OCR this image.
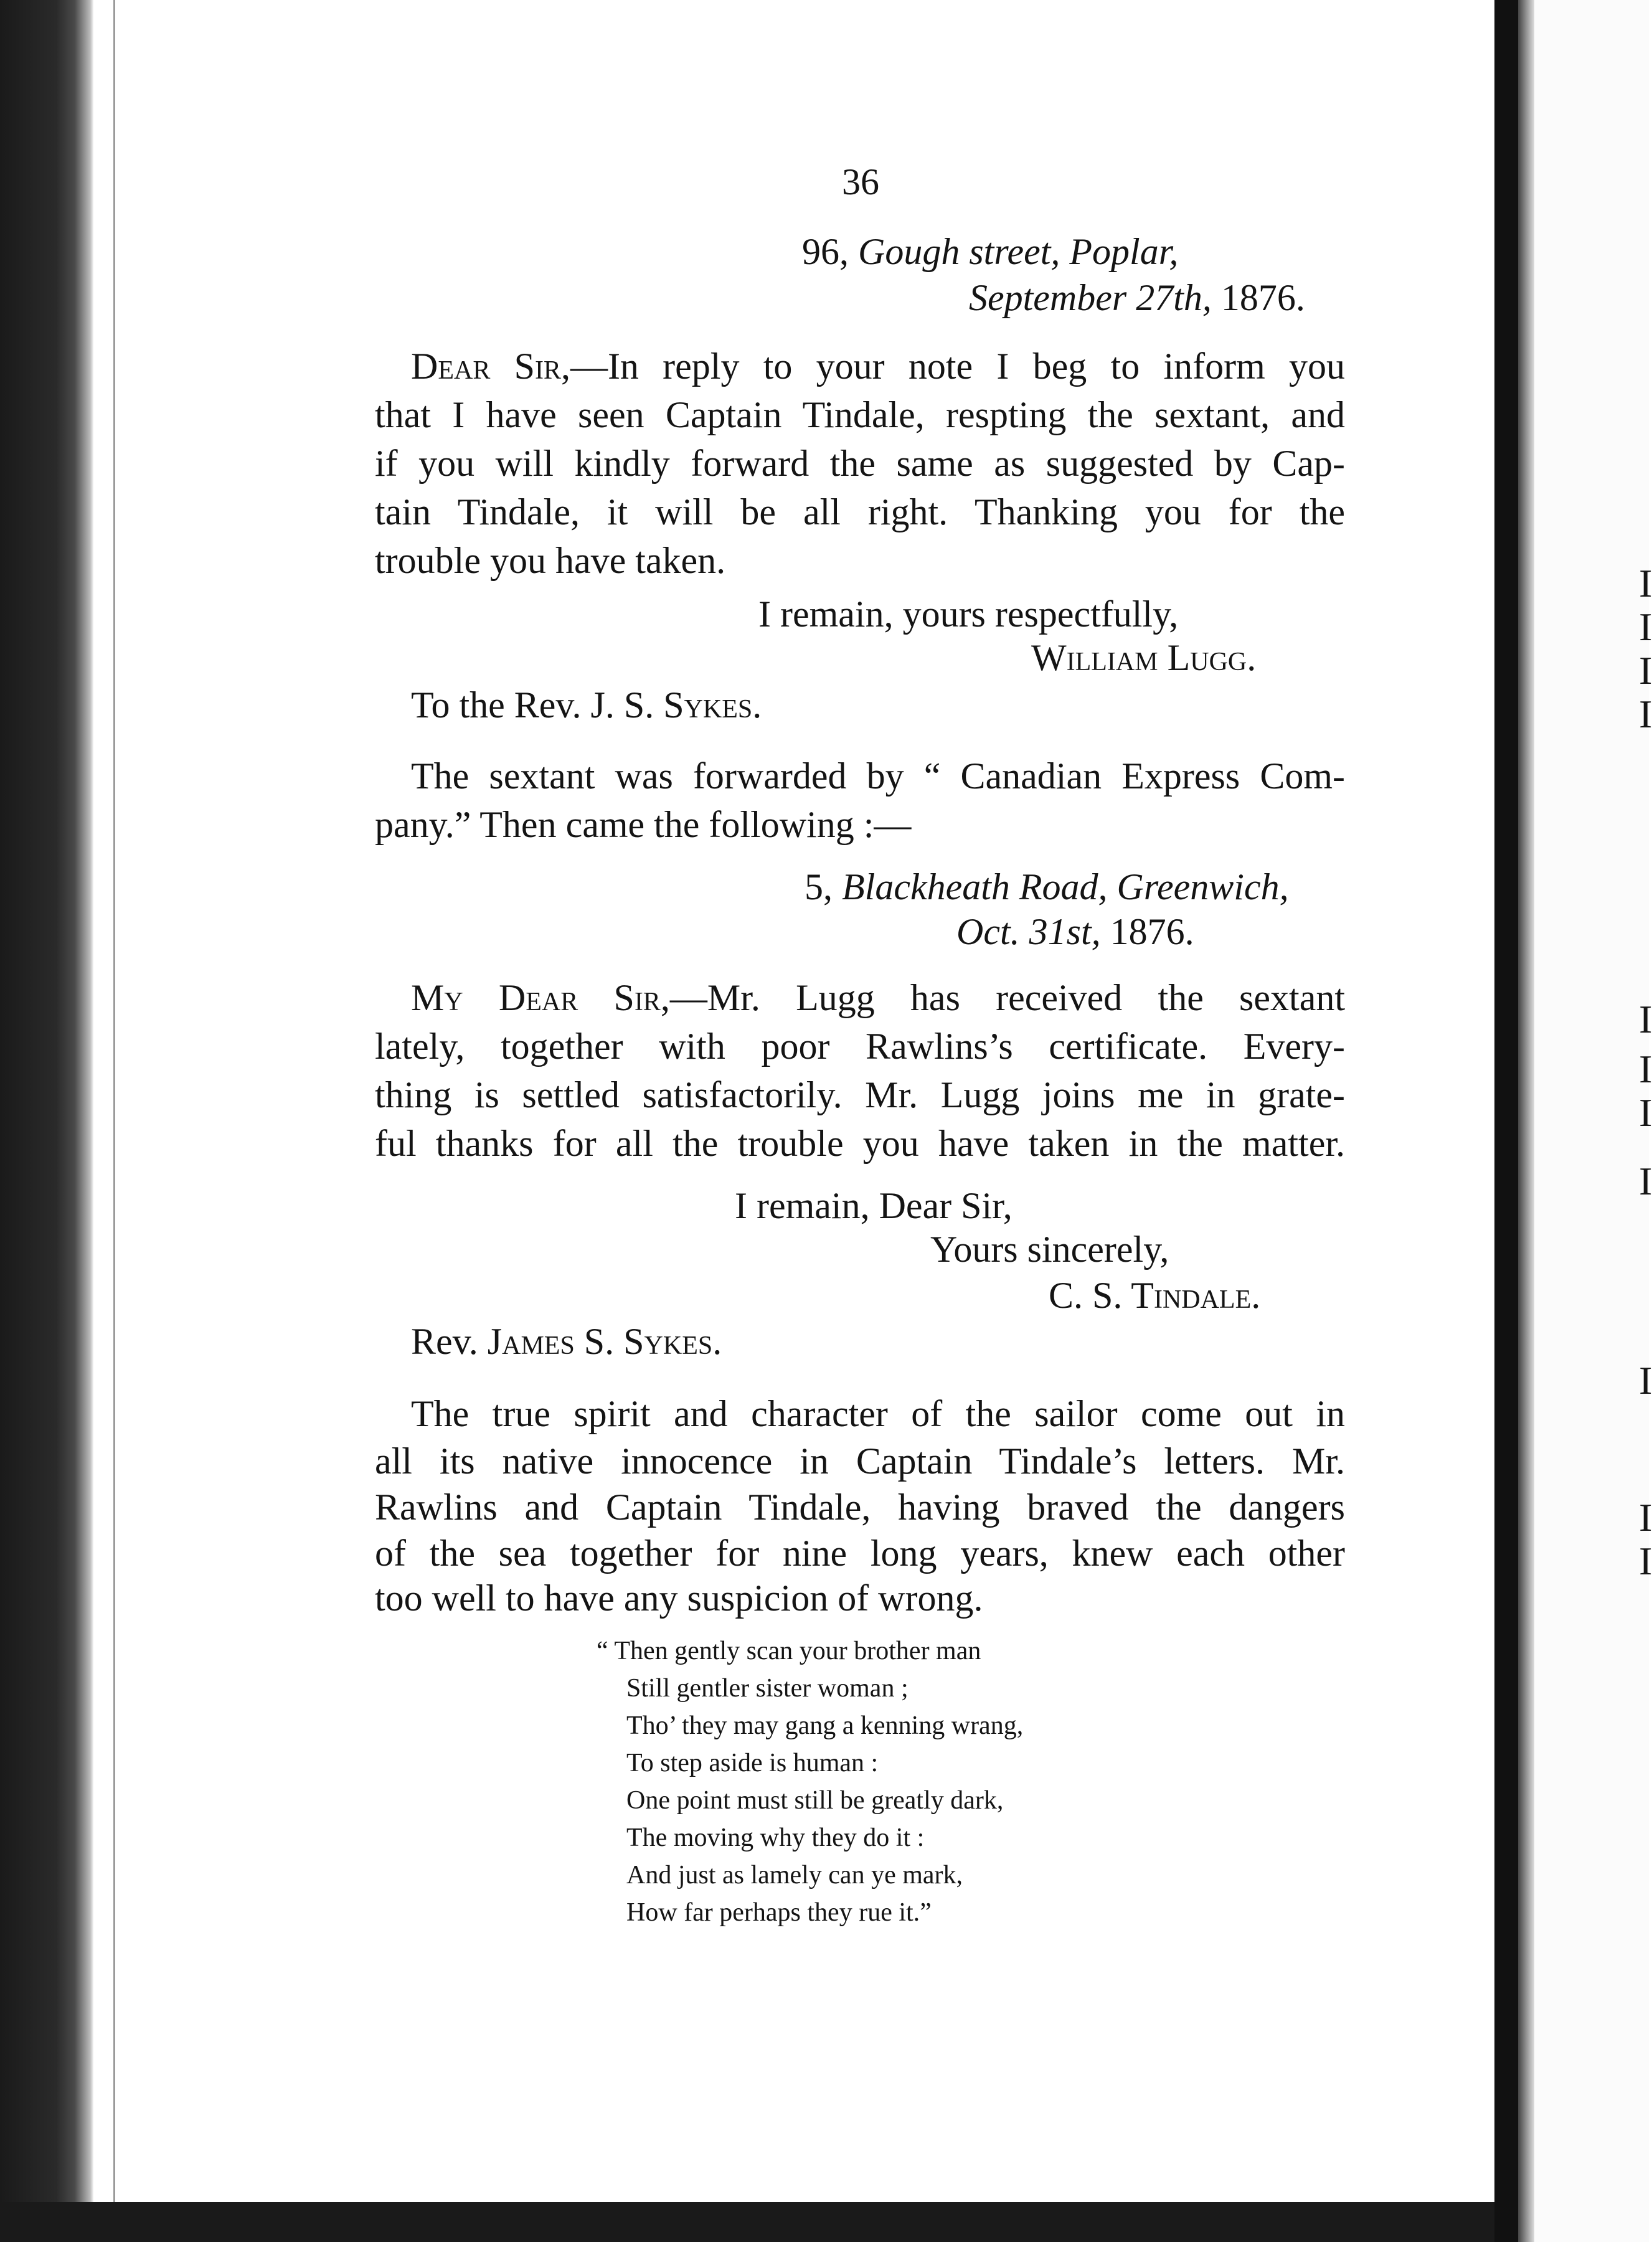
I
I
I
I
I
I
I
I
I
I
I
36
96, Gough street, Poplar,
September 27th, 1876.
Dear Sir,—In reply to your note I beg to inform you
that I have seen Captain Tindale, respting the sextant, and
if you will kindly forward the same as suggested by Cap-
tain Tindale, it will be all right. Thanking you for the
trouble you have taken.
I remain, yours respectfully,
William Lugg.
To the Rev. J. S. Sykes.
The sextant was forwarded by “ Canadian Express Com-
pany.” Then came the following :—
5, Blackheath Road, Greenwich,
Oct. 31st, 1876.
My Dear Sir,—Mr. Lugg has received the sextant
lately, together with poor Rawlins’s certificate. Every-
thing is settled satisfactorily. Mr. Lugg joins me in grate-
ful thanks for all the trouble you have taken in the matter.
I remain, Dear Sir,
Yours sincerely,
C. S. Tindale.
Rev. James S. Sykes.
The true spirit and character of the sailor come out in
all its native innocence in Captain Tindale’s letters. Mr.
Rawlins and Captain Tindale, having braved the dangers
of the sea together for nine long years, knew each other
too well to have any suspicion of wrong.
“ Then gently scan your brother man
Still gentler sister woman ;
Tho’ they may gang a kenning wrang,
To step aside is human :
One point must still be greatly dark,
The moving why they do it :
And just as lamely can ye mark,
How far perhaps they rue it.”
